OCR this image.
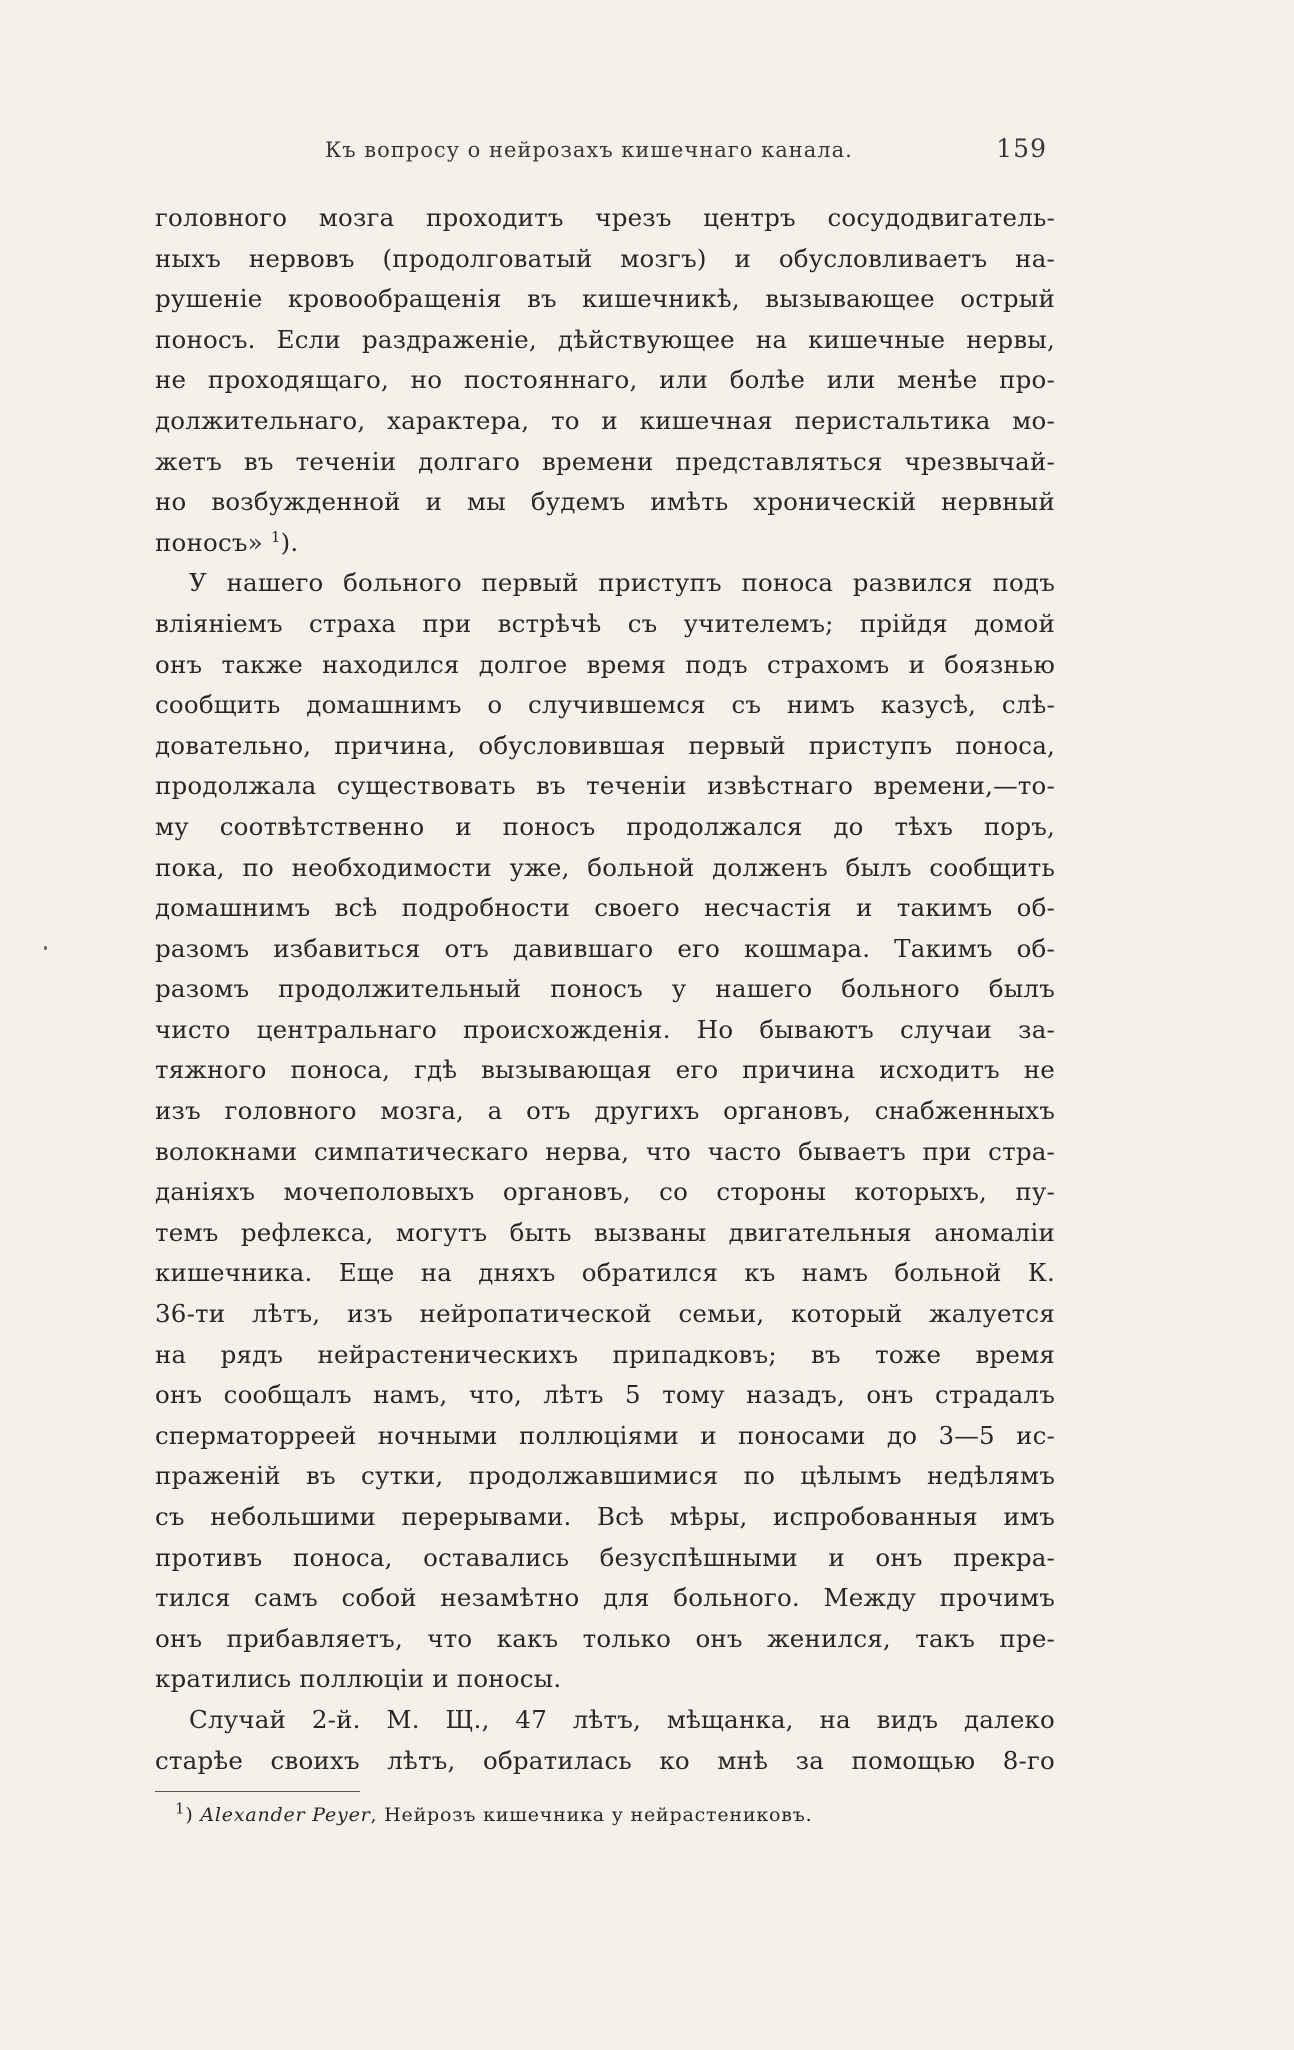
Къ вопросу о нейрозахъ кишечнаго канала.	159
головного мозга проходитъ чрезъ центръ сосудодвигатель-
ныхъ нервовъ (продолговатый мозгъ) и обусловливаетъ на-
рушеніе кровообращенія въ кишечникѣ, вызывающее острый
поносъ. Если раздраженіе, дѣйствующее на кишечные нервы,
не проходящаго, но постояннаго, или болѣе или менѣе про-
должительнаго, характера, то и кишечная перистальтика мо-
жетъ въ теченіи долгаго времени представляться чрезвычай-
но возбужденной и мы будемъ имѣть хроническій нервный
поносъ» $^1$).
У нашего больного первый приступъ поноса развился подъ
вліяніемъ страха при встрѣчѣ съ учителемъ; прійдя домой
онъ также находился долгое время подъ страхомъ и боязнью
сообщить домашнимъ о случившемся съ нимъ казусѣ, слѣ-
довательно, причина, обусловившая первый приступъ поноса,
продолжала существовать въ теченіи извѣстнаго времени,—то-
му соотвѣтственно и поносъ продолжался до тѣхъ поръ,
пока, по необходимости уже, больной долженъ былъ сообщить
домашнимъ всѣ подробности своего несчастія и такимъ об-
разомъ избавиться отъ давившаго его кошмара. Такимъ об-
разомъ продолжительный поносъ у нашего больного былъ
чисто центральнаго происхожденія. Но бываютъ случаи за-
тяжного поноса, гдѣ вызывающая его причина исходитъ не
изъ головного мозга, а отъ другихъ органовъ, снабженныхъ
волокнами симпатическаго нерва, что часто бываетъ при стра-
даніяхъ мочеполовыхъ органовъ, со стороны которыхъ, пу-
темъ рефлекса, могутъ быть вызваны двигательныя аномаліи
кишечника. Еще на дняхъ обратился къ намъ больной К.
36-ти лѣтъ, изъ нейропатической семьи, который жалуется
на рядъ нейрастеническихъ припадковъ; въ тоже время
онъ сообщалъ намъ, что, лѣтъ 5 тому назадъ, онъ страдалъ
сперматорреей ночными поллюціями и поносами до 3—5 ис-
праженій въ сутки, продолжавшимися по цѣлымъ недѣлямъ
съ небольшими перерывами. Всѣ мѣры, испробованныя имъ
противъ поноса, оставались безуспѣшными и онъ прекра-
тился самъ собой незамѣтно для больного. Между прочимъ
онъ прибавляетъ, что какъ только онъ женился, такъ пре-
кратились поллюціи и поносы.
Случай 2-й. М. Щ., 47 лѣтъ, мѣщанка, на видъ далеко
старѣе своихъ лѣтъ, обратилась ко мнѣ за помощью 8-го
$^1$) Alexander Peyer, Нейрозъ кишечника у нейрастениковъ.
